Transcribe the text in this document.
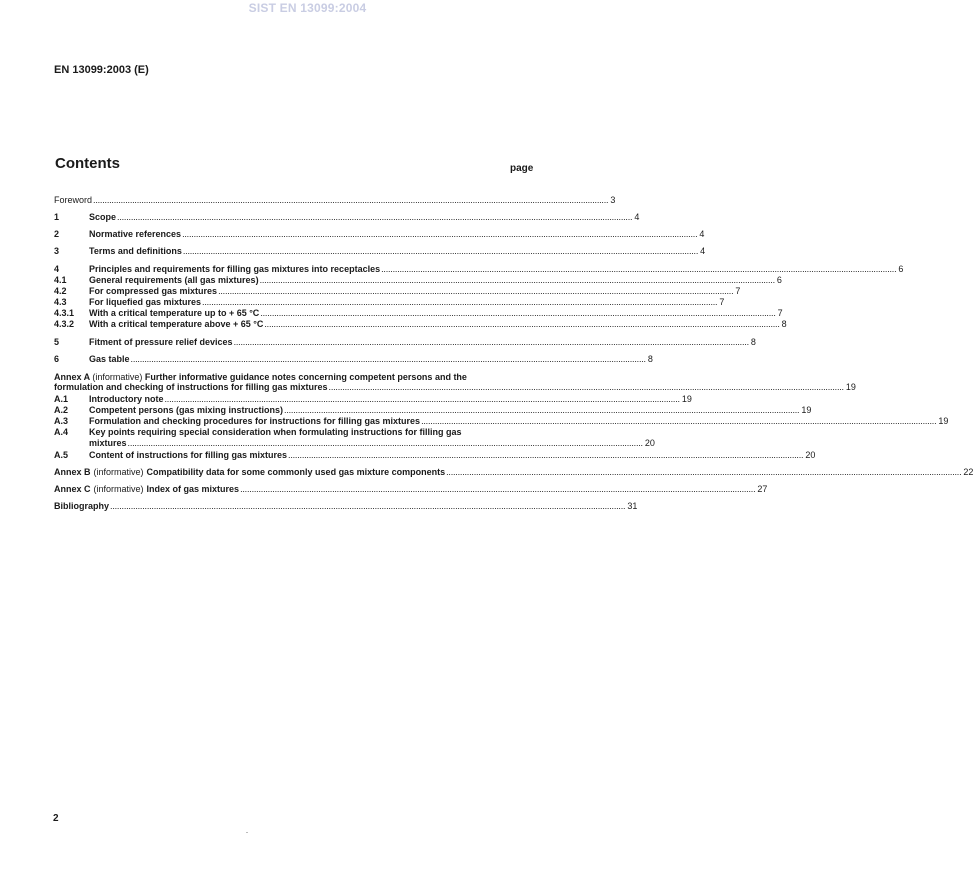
SIST EN 13099:2004
EN 13099:2003 (E)
Contents	page
Foreword ................................................................................................................................................................................................................................ 3
1	Scope ................................................................................................................................................................................................................................ 4
2	Normative references ................................................................................................................................................................................................................................ 4
3	Terms and definitions ................................................................................................................................................................................................................................ 4
4	Principles and requirements for filling gas mixtures into receptacles ................................................................................................................................................................................................................................ 6
4.1	General requirements (all gas mixtures) ................................................................................................................................................................................................................................ 6
4.2	For compressed gas mixtures ................................................................................................................................................................................................................................ 7
4.3	For liquefied gas mixtures ................................................................................................................................................................................................................................ 7
4.3.1	With a critical temperature up to + 65 °C ................................................................................................................................................................................................................................ 7
4.3.2	With a critical temperature above + 65 °C ................................................................................................................................................................................................................................ 8
5	Fitment of pressure relief devices ................................................................................................................................................................................................................................ 8
6	Gas table ................................................................................................................................................................................................................................ 8
Annex A (informative) Further informative guidance notes concerning competent persons and the
formulation and checking of instructions for filling gas mixtures ................................................................................................................................................................................................................................ 19
A.1	Introductory note ................................................................................................................................................................................................................................ 19
A.2	Competent persons (gas mixing instructions) ................................................................................................................................................................................................................................ 19
A.3	Formulation and checking procedures for instructions for filling gas mixtures ................................................................................................................................................................................................................................ 19
A.4	Key points requiring special consideration when formulating instructions for filling gas
mixtures ................................................................................................................................................................................................................................ 20
A.5	Content of instructions for filling gas mixtures ................................................................................................................................................................................................................................ 20
Annex B (informative) Compatibility data for some commonly used gas mixture components ................................................................................................................................................................................................................................ 22
Annex C (informative) Index of gas mixtures ................................................................................................................................................................................................................................ 27
Bibliography ................................................................................................................................................................................................................................ 31
2
